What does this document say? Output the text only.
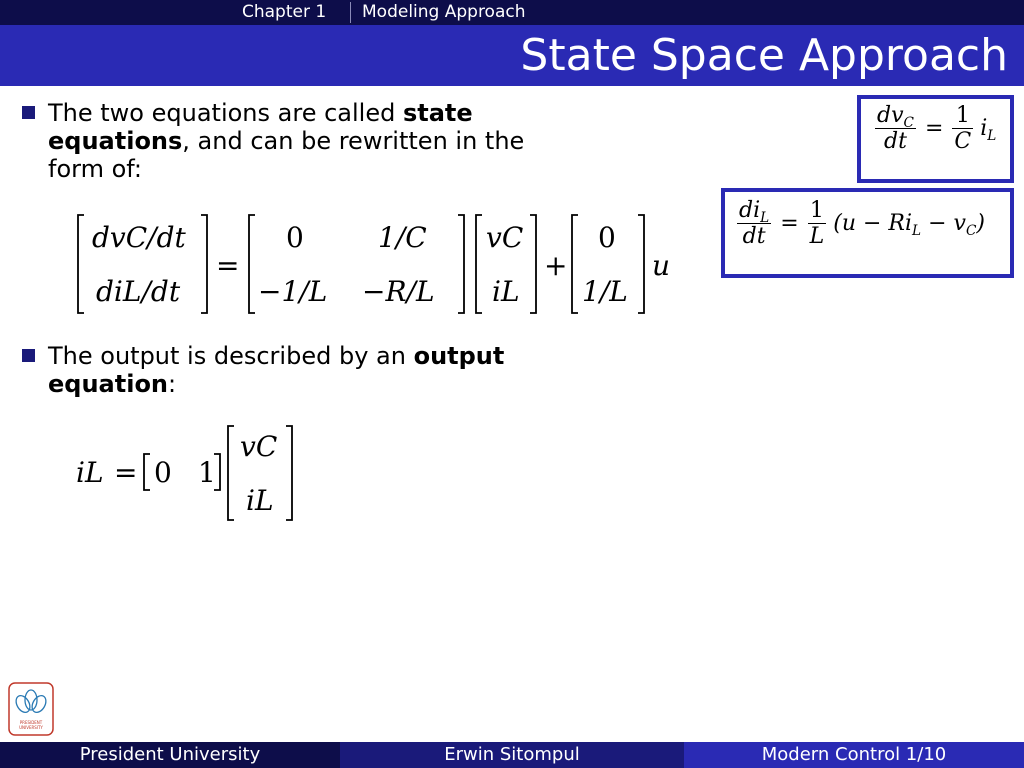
Chapter 1 Modeling Approach
State Space Approach
The two equations are called state
equations, and can be rewritten in the
form of:
$\frac{dv_C}{dt} = \frac{1}{C} i_L$
$\frac{di_L}{dt} = \frac{1}{L} (u - Ri_L - v_C)$
dvC/dt
diL/dt
=
0	1/C
−1/L −R/L
vC
iL
+
0
1/L
u
The output is described by an output
equation:
iL = 0 1
vC
iL
PRESIDENT
UNIVERSITY
President University	Erwin Sitompul	Modern Control 1/10
